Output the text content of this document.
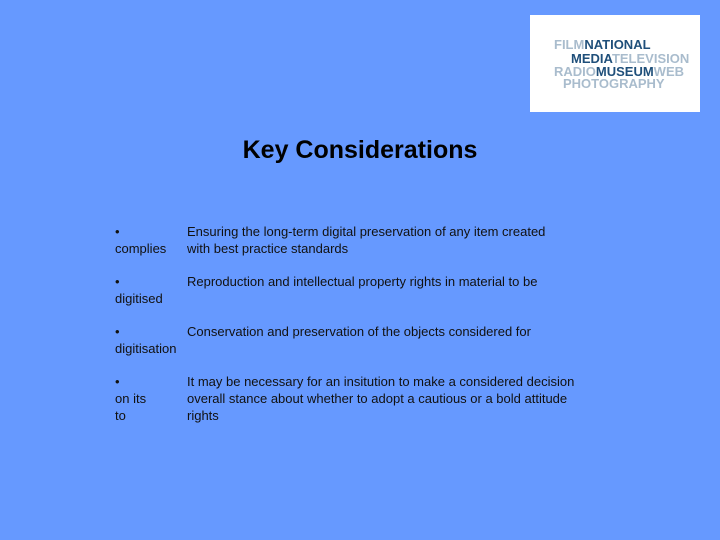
FILMNATIONAL
MEDIATELEVISION
RADIOMUSEUMWEB
PHOTOGRAPHY
Key Considerations
•
complies
Ensuring the long-term digital preservation of any item created
with best practice standards
•
digitised
Reproduction and intellectual property rights in material to be
•
digitisation
Conservation and preservation of the objects considered for
•
on its
to
It may be necessary for an insitution to make a considered decision
overall stance about whether to adopt a cautious or a bold attitude
rights
